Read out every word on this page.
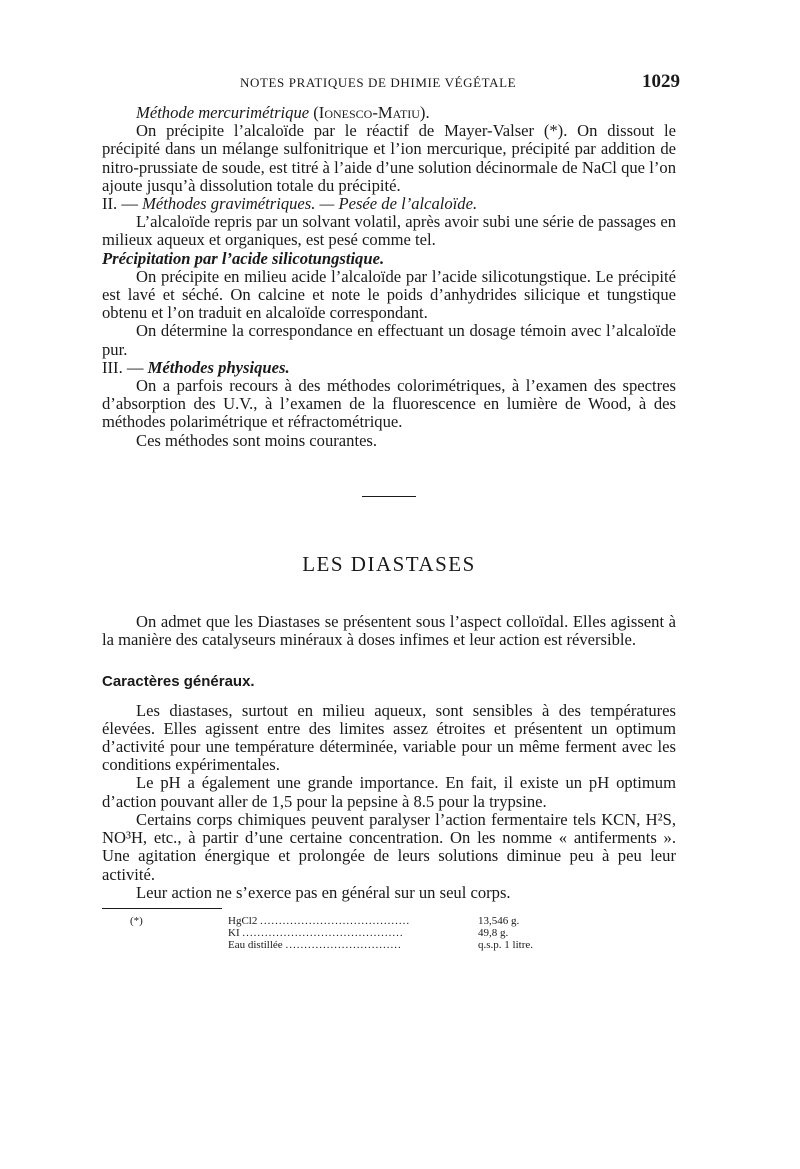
NOTES PRATIQUES DE DHIMIE VÉGÉTALE	1029

Méthode mercurimétrique (Ionesco-Matiu).

On précipite l’alcaloïde par le réactif de Mayer-Valser (*). On dissout le précipité dans un mélange sulfonitrique et l’ion mercurique, précipité par addition de nitro-prussiate de soude, est titré à l’aide d’une solution décinormale de NaCl que l’on ajoute jusqu’à dissolution totale du précipité.

II. — Méthodes gravimétriques. — Pesée de l’alcaloïde.

L’alcaloïde repris par un solvant volatil, après avoir subi une série de passages en milieux aqueux et organiques, est pesé comme tel.

Précipitation par l’acide silicotungstique.

On précipite en milieu acide l’alcaloïde par l’acide silicotungstique. Le précipité est lavé et séché. On calcine et note le poids d’anhydrides silicique et tungstique obtenu et l’on traduit en alcaloïde correspondant.

On détermine la correspondance en effectuant un dosage témoin avec l’alcaloïde pur.

III. — Méthodes physiques.

On a parfois recours à des méthodes colorimétriques, à l’examen des spectres d’absorption des U.V., à l’examen de la fluorescence en lumière de Wood, à des méthodes polarimétrique et réfractométrique.

Ces méthodes sont moins courantes.

LES DIASTASES

On admet que les Diastases se présentent sous l’aspect colloïdal. Elles agissent à la manière des catalyseurs minéraux à doses infimes et leur action est réversible.

Caractères généraux.

Les diastases, surtout en milieu aqueux, sont sensibles à des températures élevées. Elles agissent entre des limites assez étroites et présentent un optimum d’activité pour une température déterminée, variable pour un même ferment avec les conditions expérimentales.

Le pH a également une grande importance. En fait, il existe un pH optimum d’action pouvant aller de 1,5 pour la pepsine à 8.5 pour la trypsine.

Certains corps chimiques peuvent paralyser l’action fermentaire tels KCN, H²S, NO³H, etc., à partir d’une certaine concentration. On les nomme « antiferments ». Une agitation énergique et prolongée de leurs solutions diminue peu à peu leur activité.

Leur action ne s’exerce pas en général sur un seul corps.

(*)	HgCl2 ........................................	13,546 g.
KI ...........................................	49,8 g.
Eau distillée ...............................	q.s.p. 1 litre.
